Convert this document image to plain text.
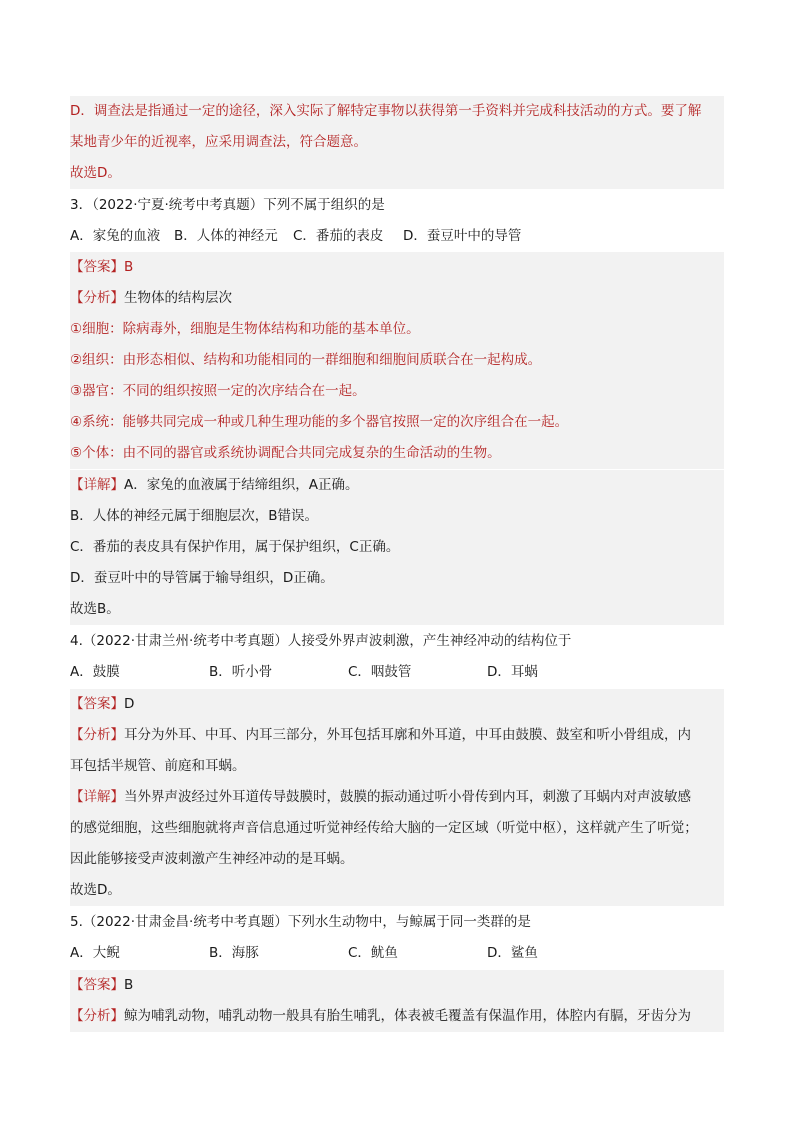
D．调查法是指通过一定的途径，深入实际了解特定事物以获得第一手资料并完成科技活动的方式。要了解
某地青少年的近视率，应采用调查法，符合题意。
故选D。
3．（2022·宁夏·统考中考真题）下列不属于组织的是
A．家兔的血液	B．人体的神经元	C．番茄的表皮	D．蚕豆叶中的导管
【答案】B
【分析】生物体的结构层次
①细胞：除病毒外，细胞是生物体结构和功能的基本单位。
②组织：由形态相似、结构和功能相同的一群细胞和细胞间质联合在一起构成。
③器官：不同的组织按照一定的次序结合在一起。
④系统：能够共同完成一种或几种生理功能的多个器官按照一定的次序组合在一起。
⑤个体：由不同的器官或系统协调配合共同完成复杂的生命活动的生物。
【详解】A．家兔的血液属于结缔组织，A正确。
B．人体的神经元属于细胞层次，B错误。
C．番茄的表皮具有保护作用，属于保护组织，C正确。
D．蚕豆叶中的导管属于输导组织，D正确。
故选B。
4.（2022·甘肃兰州·统考中考真题）人接受外界声波刺激，产生神经冲动的结构位于
A．鼓膜	B．听小骨	C．咽鼓管	D．耳蜗
【答案】D
【分析】耳分为外耳、中耳、内耳三部分，外耳包括耳廓和外耳道，中耳由鼓膜、鼓室和听小骨组成，内
耳包括半规管、前庭和耳蜗。
【详解】当外界声波经过外耳道传导鼓膜时，鼓膜的振动通过听小骨传到内耳，刺激了耳蜗内对声波敏感
的感觉细胞，这些细胞就将声音信息通过听觉神经传给大脑的一定区域（听觉中枢），这样就产生了听觉；
因此能够接受声波刺激产生神经冲动的是耳蜗。
故选D。
5.（2022·甘肃金昌·统考中考真题）下列水生动物中，与鲸属于同一类群的是
A．大鲵	B．海豚	C．鱿鱼	D．鲨鱼
【答案】B
【分析】鲸为哺乳动物，哺乳动物一般具有胎生哺乳，体表被毛覆盖有保温作用，体腔内有膈，牙齿分为
